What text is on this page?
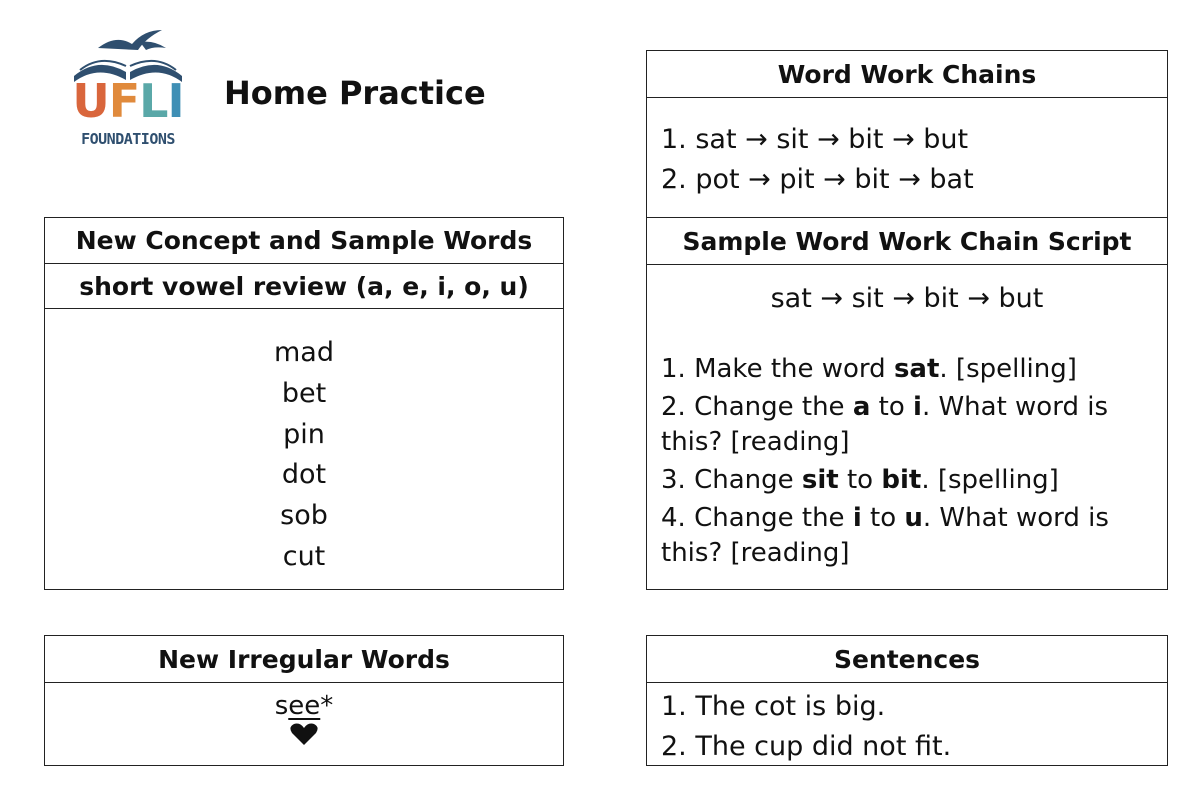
UFLI
FOUNDATIONS
Home Practice
New Concept and Sample Words
short vowel review (a, e, i, o, u)
mad
bet
pin
dot
sob
cut
New Irregular Words
see*
Word Work Chains
1. sat → sit → bit → but
2. pot → pit → bit → bat
Sample Word Work Chain Script
sat → sit → bit → but
1. Make the word sat. [spelling]
2. Change the a to i. What word is this? [reading]
3. Change sit to bit. [spelling]
4. Change the i to u. What word is this? [reading]
Sentences
1. The cot is big.
2. The cup did not fit.
